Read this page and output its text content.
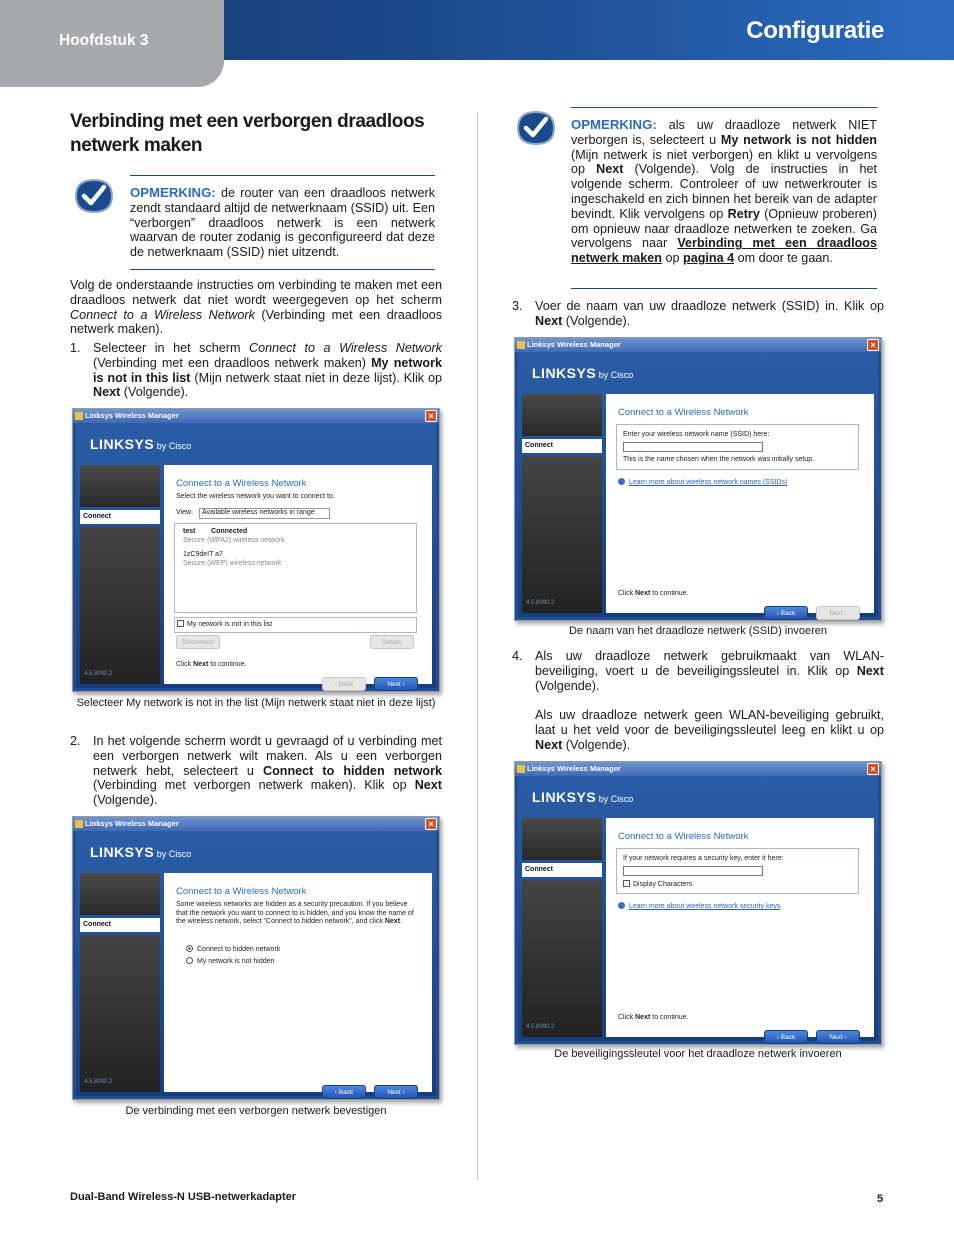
Hoofdstuk 3	Configuratie
Verbinding met een verborgen draadloos netwerk maken
OPMERKING: de router van een draadloos netwerk zendt standaard altijd de netwerknaam (SSID) uit. Een “verborgen” draadloos netwerk is een netwerk waarvan de router zodanig is geconfigureerd dat deze de netwerknaam (SSID) niet uitzendt.
Volg de onderstaande instructies om verbinding te maken met een draadloos netwerk dat niet wordt weergegeven op het scherm Connect to a Wireless Network (Verbinding met een draadloos netwerk maken).
1. Selecteer in het scherm Connect to a Wireless Network (Verbinding met een draadloos netwerk maken) My network is not in this list (Mijn netwerk staat niet in deze lijst). Klik op Next (Volgende).
Linksys Wireless Manager	×
LINKSYS by Cisco
Connect
Connect to a Wireless Network
Select the wireless network you want to connect to.
View: Available wireless networks in range
test Connected
Secure (WPA2) wireless network
1zC9deIT a7
Secure (WEP) wireless network
My network is not in this list
Disconnect	Details
Click Next to continue.
‹ Back	Next ›
4.5.8090.2
Selecteer My network is not in the list (Mijn netwerk staat niet in deze lijst)
2. In het volgende scherm wordt u gevraagd of u verbinding met een verborgen netwerk wilt maken. Als u een verborgen netwerk hebt, selecteert u Connect to hidden network (Verbinding met verborgen netwerk maken). Klik op Next (Volgende).
Linksys Wireless Manager	×
LINKSYS by Cisco
Connect
Connect to a Wireless Network
Some wireless networks are hidden as a security precaution. If you believe that the network you want to connect to is hidden, and you know the name of the wireless network, select "Connect to hidden network", and click Next.
Connect to hidden network
My network is not hidden
‹ Back	Next ›
4.5.8090.2
De verbinding met een verborgen netwerk bevestigen
OPMERKING: als uw draadloze netwerk NIET verborgen is, selecteert u My network is not hidden (Mijn netwerk is niet verborgen) en klikt u vervolgens op Next (Volgende). Volg de instructies in het volgende scherm. Controleer of uw netwerkrouter is ingeschakeld en zich binnen het bereik van de adapter bevindt. Klik vervolgens op Retry (Opnieuw proberen) om opnieuw naar draadloze netwerken te zoeken. Ga vervolgens naar Verbinding met een draadloos netwerk maken op pagina 4 om door te gaan.
3. Voer de naam van uw draadloze netwerk (SSID) in. Klik op Next (Volgende).
Linksys Wireless Manager	×
LINKSYS by Cisco
Connect
Connect to a Wireless Network
Enter your wireless network name (SSID) here:
This is the name chosen when the network was initially setup.
Learn more about wireless network names (SSIDs)
Click Next to continue.
‹ Back	Next ›
4.5.8090.2
De naam van het draadloze netwerk (SSID) invoeren
4. Als uw draadloze netwerk gebruikmaakt van WLAN-beveiliging, voert u de beveiligingssleutel in. Klik op Next (Volgende).
Als uw draadloze netwerk geen WLAN-beveiliging gebruikt, laat u het veld voor de beveiligingssleutel leeg en klikt u op Next (Volgende).
Linksys Wireless Manager	×
LINKSYS by Cisco
Connect
Connect to a Wireless Network
If your network requires a security key, enter it here:
Display Characters
Learn more about wireless network security keys
Click Next to continue.
‹ Back	Next ›
4.5.8090.2
De beveiligingssleutel voor het draadloze netwerk invoeren
Dual-Band Wireless-N USB-netwerkadapter	5
